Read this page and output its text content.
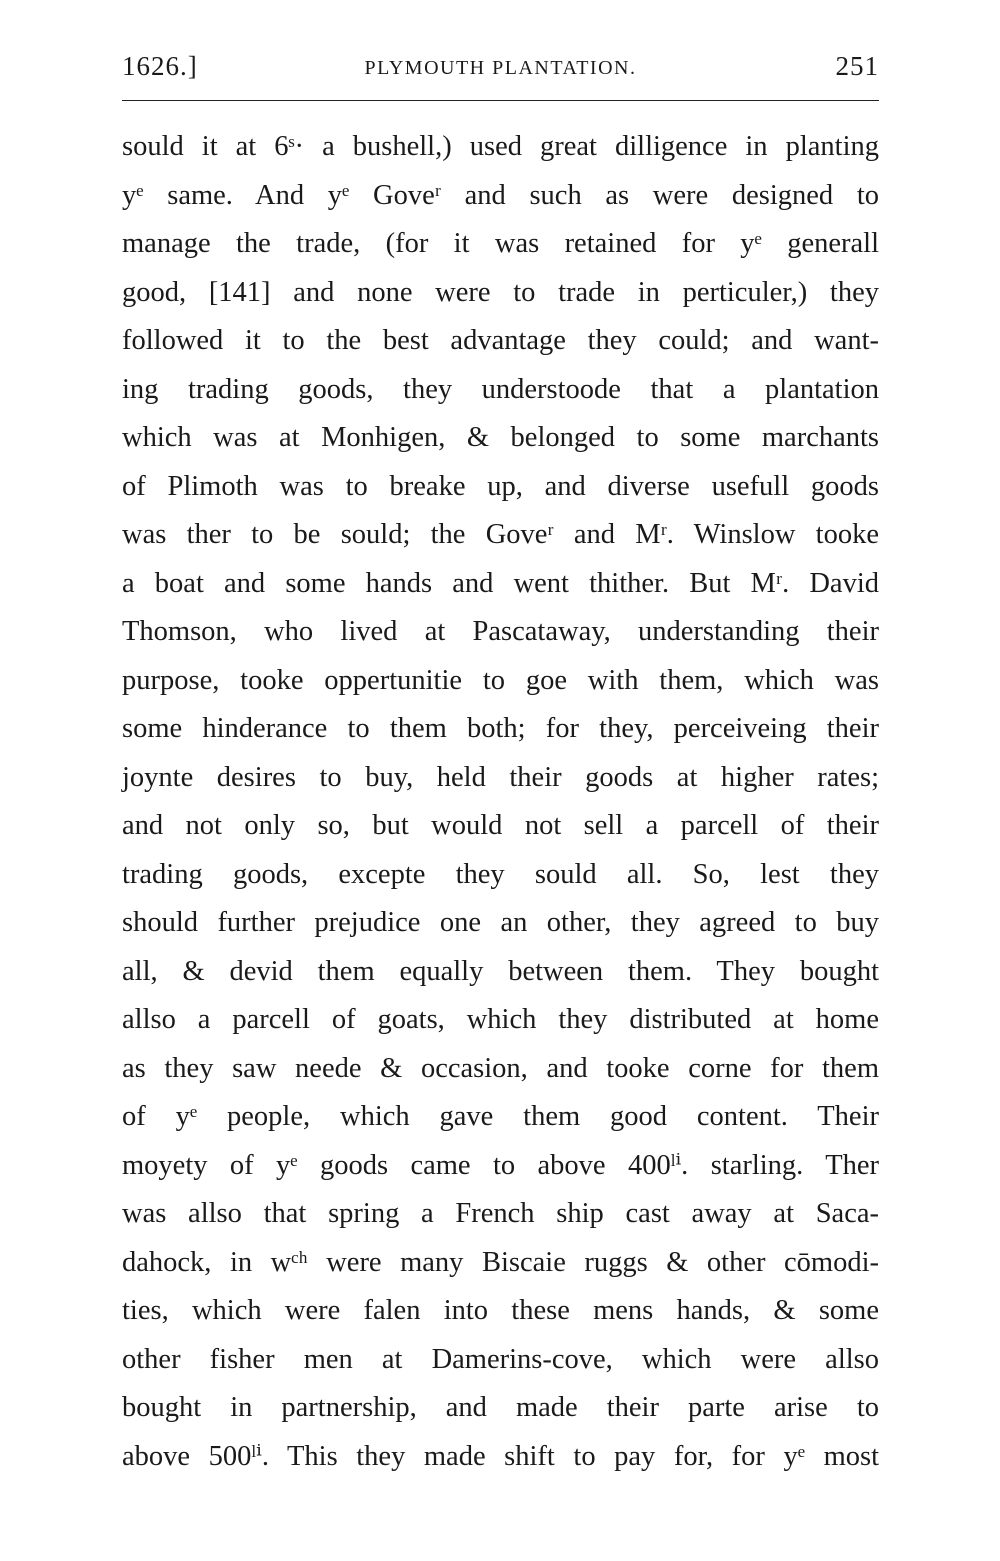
1626.]	PLYMOUTH PLANTATION.	251
sould it at 6ˢ· a bushell,) used great dilligence in planting
yᵉ same. And yᵉ Goveʳ and such as were designed to
manage the trade, (for it was retained for yᵉ generall
good, [141] and none were to trade in perticuler,) they
followed it to the best advantage they could; and want-
ing trading goods, they understoode that a plantation
which was at Monhigen, & belonged to some marchants
of Plimoth was to breake up, and diverse usefull goods
was ther to be sould; the Goveʳ and Mʳ. Winslow tooke
a boat and some hands and went thither. But Mʳ. David
Thomson, who lived at Pascataway, understanding their
purpose, tooke oppertunitie to goe with them, which was
some hinderance to them both; for they, perceiveing their
joynte desires to buy, held their goods at higher rates;
and not only so, but would not sell a parcell of their
trading goods, excepte they sould all. So, lest they
should further prejudice one an other, they agreed to buy
all, & devid them equally between them. They bought
allso a parcell of goats, which they distributed at home
as they saw neede & occasion, and tooke corne for them
of yᵉ people, which gave them good content. Their
moyety of yᵉ goods came to above 400ˡⁱ. starling. Ther
was allso that spring a French ship cast away at Saca-
dahock, in wᶜʰ were many Biscaie ruggs & other cōmodi-
ties, which were falen into these mens hands, & some
other fisher men at Damerins-cove, which were allso
bought in partnership, and made their parte arise to
above 500ˡⁱ. This they made shift to pay for, for yᵉ most
